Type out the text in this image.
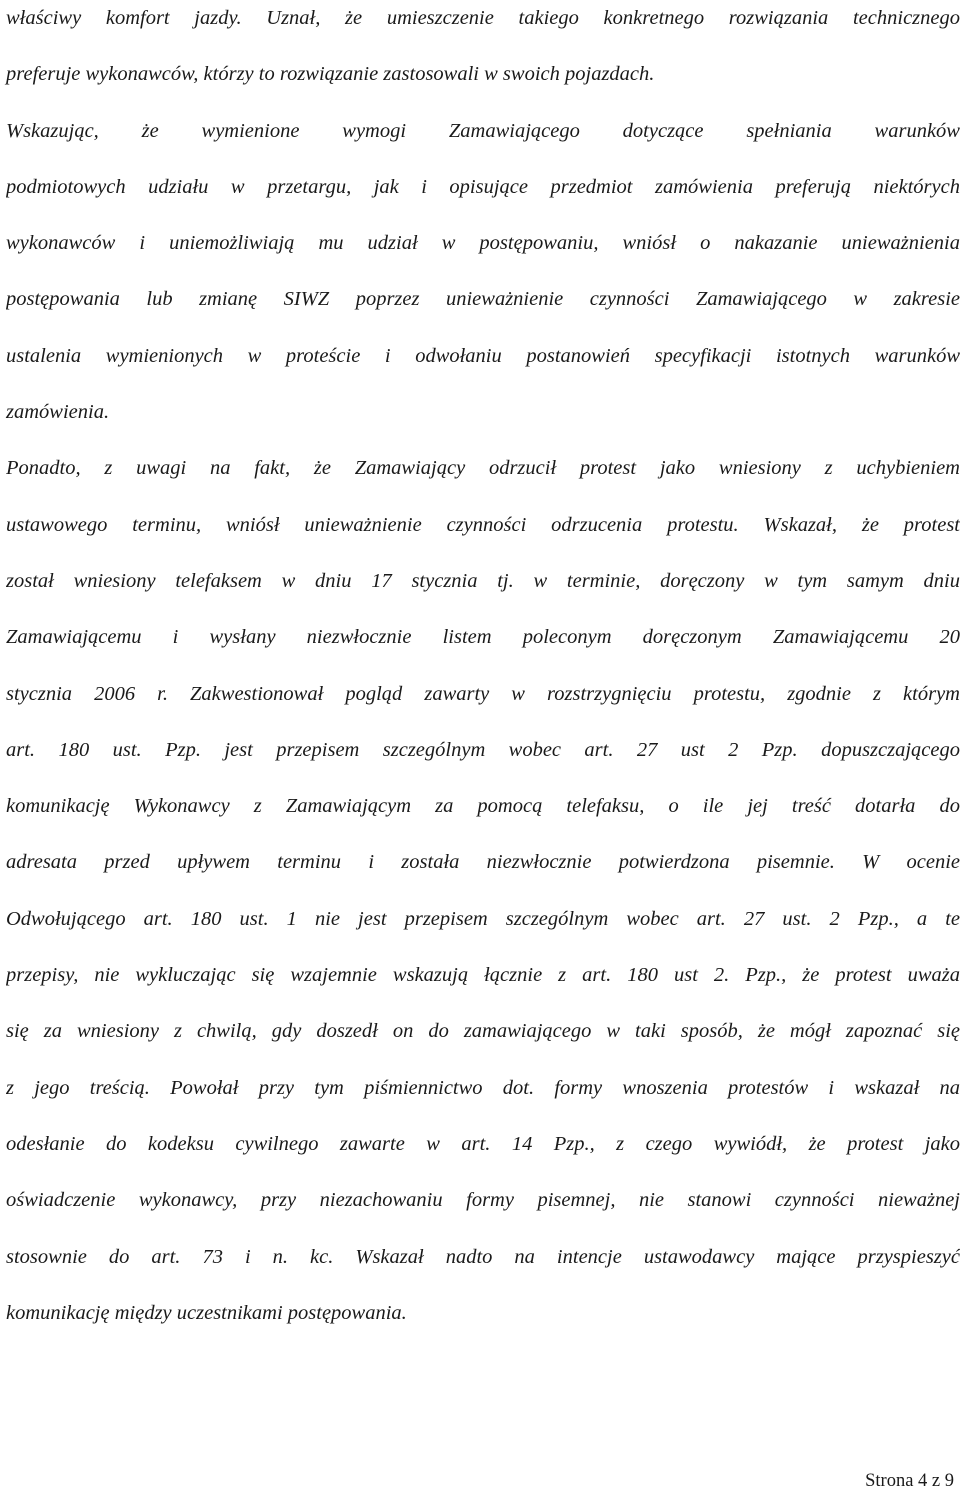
właściwy komfort jazdy. Uznał, że umieszczenie takiego konkretnego rozwiązania technicznego
preferuje wykonawców, którzy to rozwiązanie zastosowali w swoich pojazdach.
Wskazując, że wymienione wymogi Zamawiającego dotyczące spełniania warunków
podmiotowych udziału w przetargu, jak i opisujące przedmiot zamówienia preferują niektórych
wykonawców i uniemożliwiają mu udział w postępowaniu, wniósł o nakazanie unieważnienia
postępowania lub zmianę SIWZ poprzez unieważnienie czynności Zamawiającego w zakresie
ustalenia wymienionych w proteście i odwołaniu postanowień specyfikacji istotnych warunków
zamówienia.
Ponadto, z uwagi na fakt, że Zamawiający odrzucił protest jako wniesiony z uchybieniem
ustawowego terminu, wniósł unieważnienie czynności odrzucenia protestu. Wskazał, że protest
został wniesiony telefaksem w dniu 17 stycznia tj. w terminie, doręczony w tym samym dniu
Zamawiającemu i wysłany niezwłocznie listem poleconym doręczonym Zamawiającemu 20
stycznia 2006 r. Zakwestionował pogląd zawarty w rozstrzygnięciu protestu, zgodnie z którym
art. 180 ust. Pzp. jest przepisem szczególnym wobec art. 27 ust 2 Pzp. dopuszczającego
komunikację Wykonawcy z Zamawiającym za pomocą telefaksu, o ile jej treść dotarła do
adresata przed upływem terminu i została niezwłocznie potwierdzona pisemnie. W ocenie
Odwołującego art. 180 ust. 1 nie jest przepisem szczególnym wobec art. 27 ust. 2 Pzp., a te
przepisy, nie wykluczając się wzajemnie wskazują łącznie z art. 180 ust 2. Pzp., że protest uważa
się za wniesiony z chwilą, gdy doszedł on do zamawiającego w taki sposób, że mógł zapoznać się
z jego treścią. Powołał przy tym piśmiennictwo dot. formy wnoszenia protestów i wskazał na
odesłanie do kodeksu cywilnego zawarte w art. 14 Pzp., z czego wywiódł, że protest jako
oświadczenie wykonawcy, przy niezachowaniu formy pisemnej, nie stanowi czynności nieważnej
stosownie do art. 73 i n. kc. Wskazał nadto na intencje ustawodawcy mające przyspieszyć
komunikację między uczestnikami postępowania.
Strona 4 z 9
